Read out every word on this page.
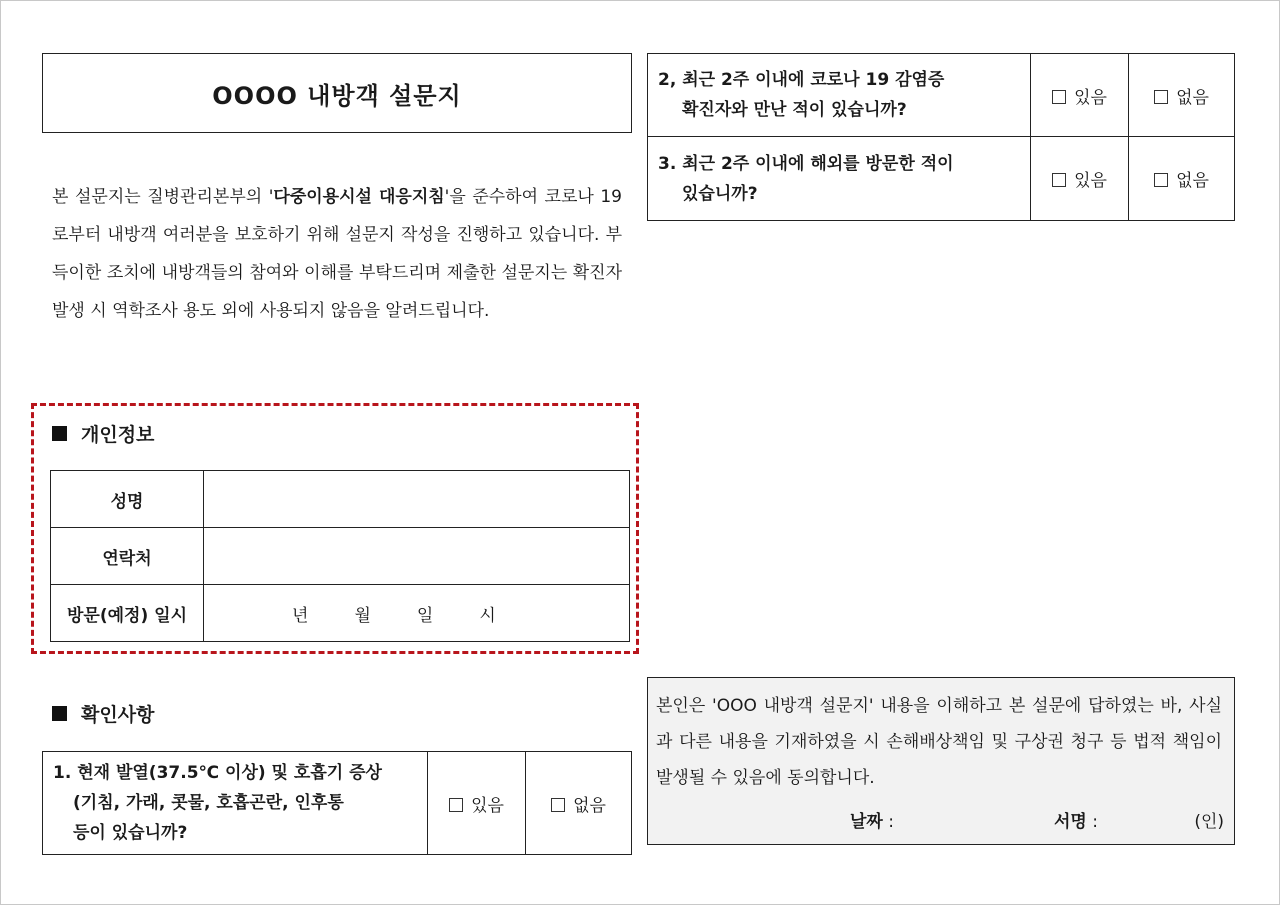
OOOO 내방객 설문지
본 설문지는 질병관리본부의 '다중이용시설 대응지침'을 준수하여 코로나 19로부터 내방객 여러분을 보호하기 위해 설문지 작성을 진행하고 있습니다. 부득이한 조치에 내방객들의 참여와 이해를 부탁드리며 제출한 설문지는 확진자 발생 시 역학조사 용도 외에 사용되지 않음을 알려드립니다.
개인정보
성명	
연락처	
방문(예정) 일시	년 월 일 시
확인사항
1. 현재 발열(37.5℃ 이상) 및 호흡기 증상
(기침, 가래, 콧물, 호흡곤란, 인후통
등이 있습니까?
	있음	없음
2, 최근 2주 이내에 코로나 19 감염증
확진자와 만난 적이 있습니까?	있음	없음

3. 최근 2주 이내에 해외를 방문한 적이
있습니까?	있음	없음
본인은 'OOO 내방객 설문지' 내용을 이해하고 본 설문에 답하였는 바, 사실과 다른 내용을 기재하였을 시 손해배상책임 및 구상권 청구 등 법적 책임이 발생될 수 있음에 동의합니다.
날짜 :	서명 :	(인)
